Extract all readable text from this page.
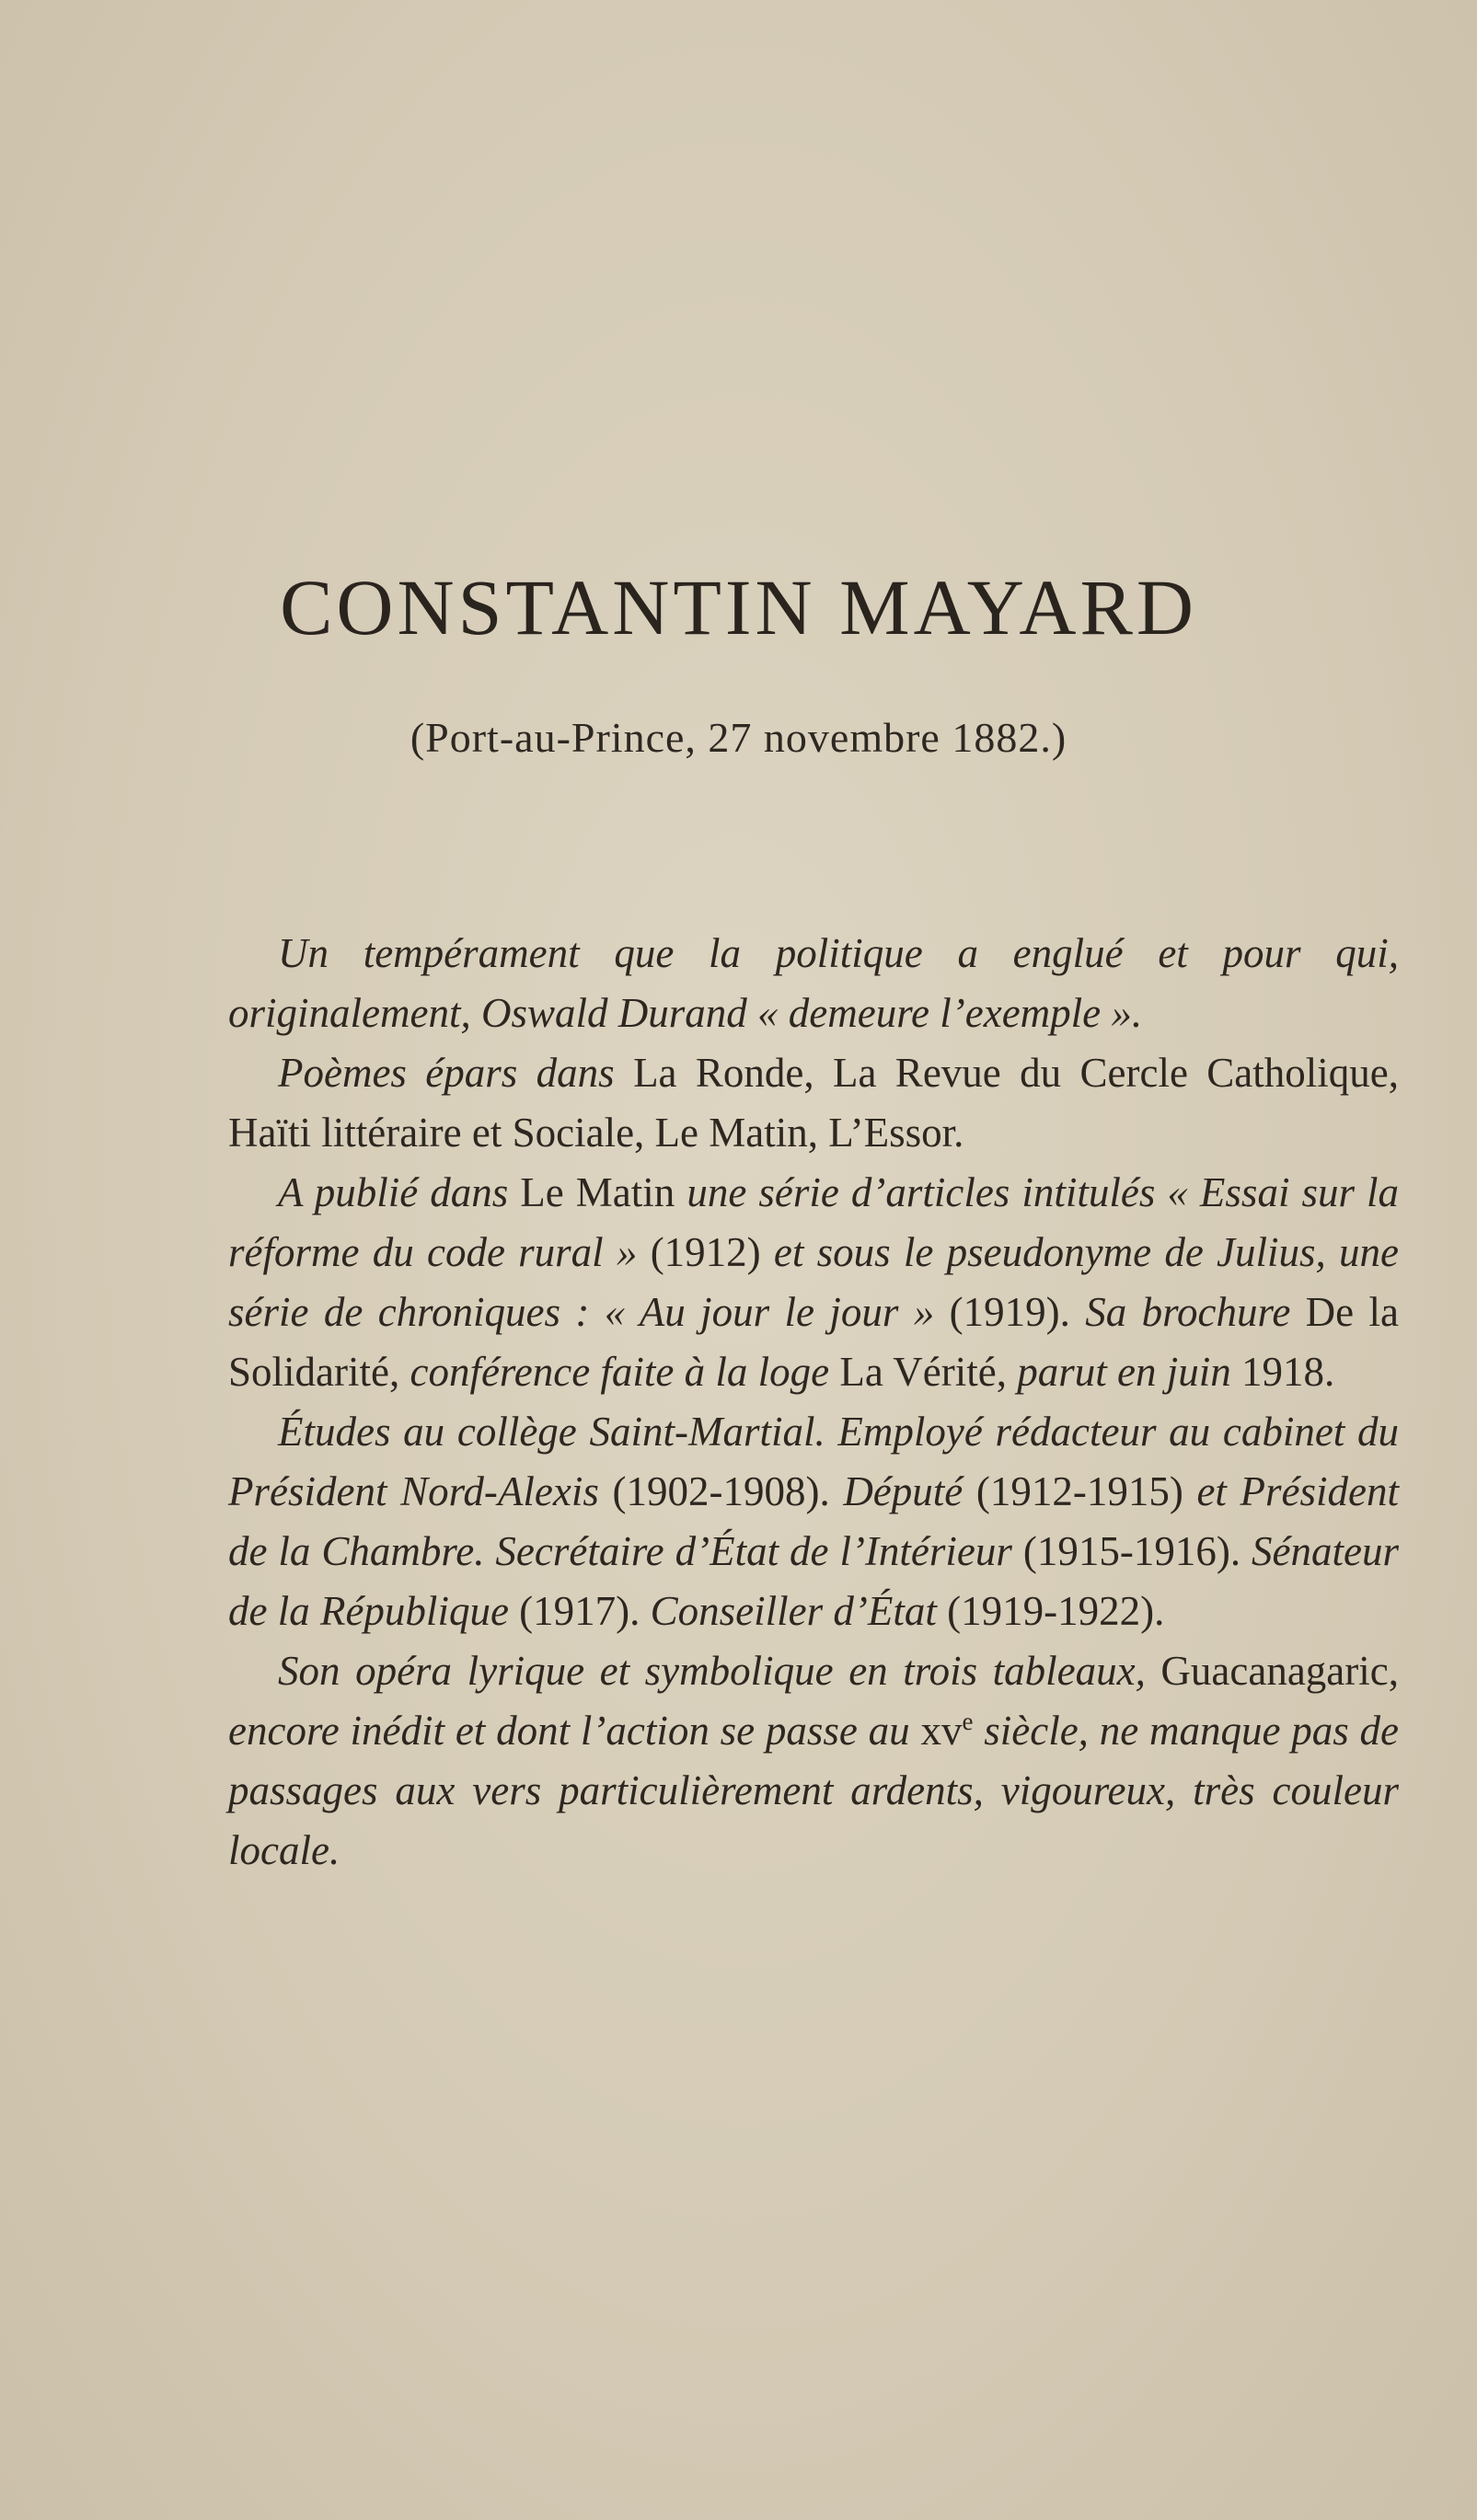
CONSTANTIN MAYARD
(Port-au-Prince, 27 novembre 1882.)

Un tempérament que la politique a englué et pour qui, originalement, Oswald Durand « demeure l’exemple ».

Poèmes épars dans La Ronde, La Revue du Cercle Catholique, Haïti littéraire et Sociale, Le Matin, L’Essor.

A publié dans Le Matin une série d’articles intitulés « Essai sur la réforme du code rural » (1912) et sous le pseudonyme de Julius, une série de chroniques : « Au jour le jour » (1919). Sa brochure De la Solidarité, conférence faite à la loge La Vérité, parut en juin 1918.

Études au collège Saint-Martial. Employé rédacteur au cabinet du Président Nord-Alexis (1902-1908). Député (1912-1915) et Président de la Chambre. Secrétaire d’État de l’Intérieur (1915-1916). Sénateur de la République (1917). Conseiller d’État (1919-1922).

Son opéra lyrique et symbolique en trois tableaux, Guacanagaric, encore inédit et dont l’action se passe au $xv^e$ siècle, ne manque pas de passages aux vers particulièrement ardents, vigoureux, très couleur locale.
